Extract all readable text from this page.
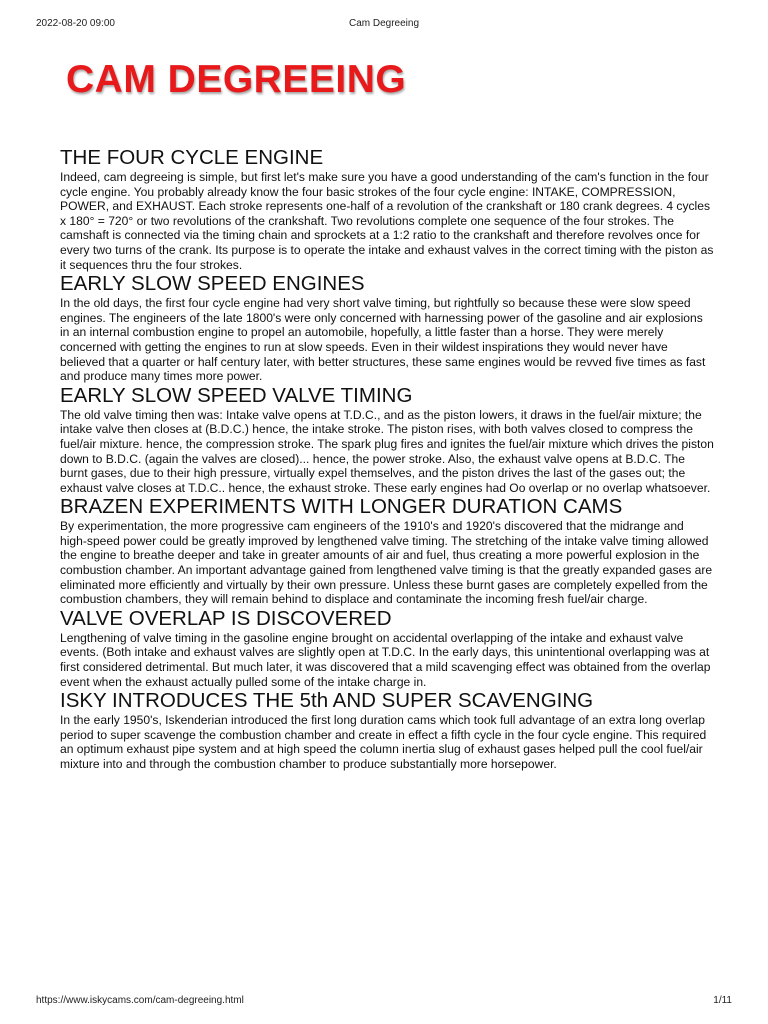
2022-08-20 09:00	Cam Degreeing
CAM DEGREEING
THE FOUR CYCLE ENGINE

Indeed, cam degreeing is simple, but first let's make sure you have a good understanding of the cam's function in the four cycle engine. You probably already know the four basic strokes of the four cycle engine: INTAKE, COMPRESSION, POWER, and EXHAUST. Each stroke represents one-half of a revolution of the crankshaft or 180 crank degrees. 4 cycles x 180° = 720° or two revolutions of the crankshaft. Two revolutions complete one sequence of the four strokes. The camshaft is connected via the timing chain and sprockets at a 1:2 ratio to the crankshaft and therefore revolves once for every two turns of the crank. Its purpose is to operate the intake and exhaust valves in the correct timing with the piston as it sequences thru the four strokes.

EARLY SLOW SPEED ENGINES

In the old days, the first four cycle engine had very short valve timing, but rightfully so because these were slow speed engines. The engineers of the late 1800's were only concerned with harnessing power of the gasoline and air explosions in an internal combustion engine to propel an automobile, hopefully, a little faster than a horse. They were merely concerned with getting the engines to run at slow speeds. Even in their wildest inspirations they would never have believed that a quarter or half century later, with better structures, these same engines would be revved five times as fast and produce many times more power.

EARLY SLOW SPEED VALVE TIMING

The old valve timing then was: Intake valve opens at T.D.C., and as the piston lowers, it draws in the fuel/air mixture; the intake valve then closes at (B.D.C.) hence, the intake stroke. The piston rises, with both valves closed to compress the fuel/air mixture. hence, the compression stroke. The spark plug fires and ignites the fuel/air mixture which drives the piston down to B.D.C. (again the valves are closed)... hence, the power stroke. Also, the exhaust valve opens at B.D.C. The burnt gases, due to their high pressure, virtually expel themselves, and the piston drives the last of the gases out; the exhaust valve closes at T.D.C.. hence, the exhaust stroke. These early engines had Oo overlap or no overlap whatsoever.

BRAZEN EXPERIMENTS WITH LONGER DURATION CAMS

By experimentation, the more progressive cam engineers of the 1910's and 1920's discovered that the midrange and high-speed power could be greatly improved by lengthened valve timing. The stretching of the intake valve timing allowed the engine to breathe deeper and take in greater amounts of air and fuel, thus creating a more powerful explosion in the combustion chamber. An important advantage gained from lengthened valve timing is that the greatly expanded gases are eliminated more efficiently and virtually by their own pressure. Unless these burnt gases are completely expelled from the combustion chambers, they will remain behind to displace and contaminate the incoming fresh fuel/air charge.

VALVE OVERLAP IS DISCOVERED

Lengthening of valve timing in the gasoline engine brought on accidental overlapping of the intake and exhaust valve events. (Both intake and exhaust valves are slightly open at T.D.C. In the early days, this unintentional overlapping was at first considered detrimental. But much later, it was discovered that a mild scavenging effect was obtained from the overlap event when the exhaust actually pulled some of the intake charge in.

ISKY INTRODUCES THE 5th AND SUPER SCAVENGING

In the early 1950's, Iskenderian introduced the first long duration cams which took full advantage of an extra long overlap period to super scavenge the combustion chamber and create in effect a fifth cycle in the four cycle engine. This required an optimum exhaust pipe system and at high speed the column inertia slug of exhaust gases helped pull the cool fuel/air mixture into and through the combustion chamber to produce substantially more horsepower.

https://www.iskycams.com/cam-degreeing.html	1/11
